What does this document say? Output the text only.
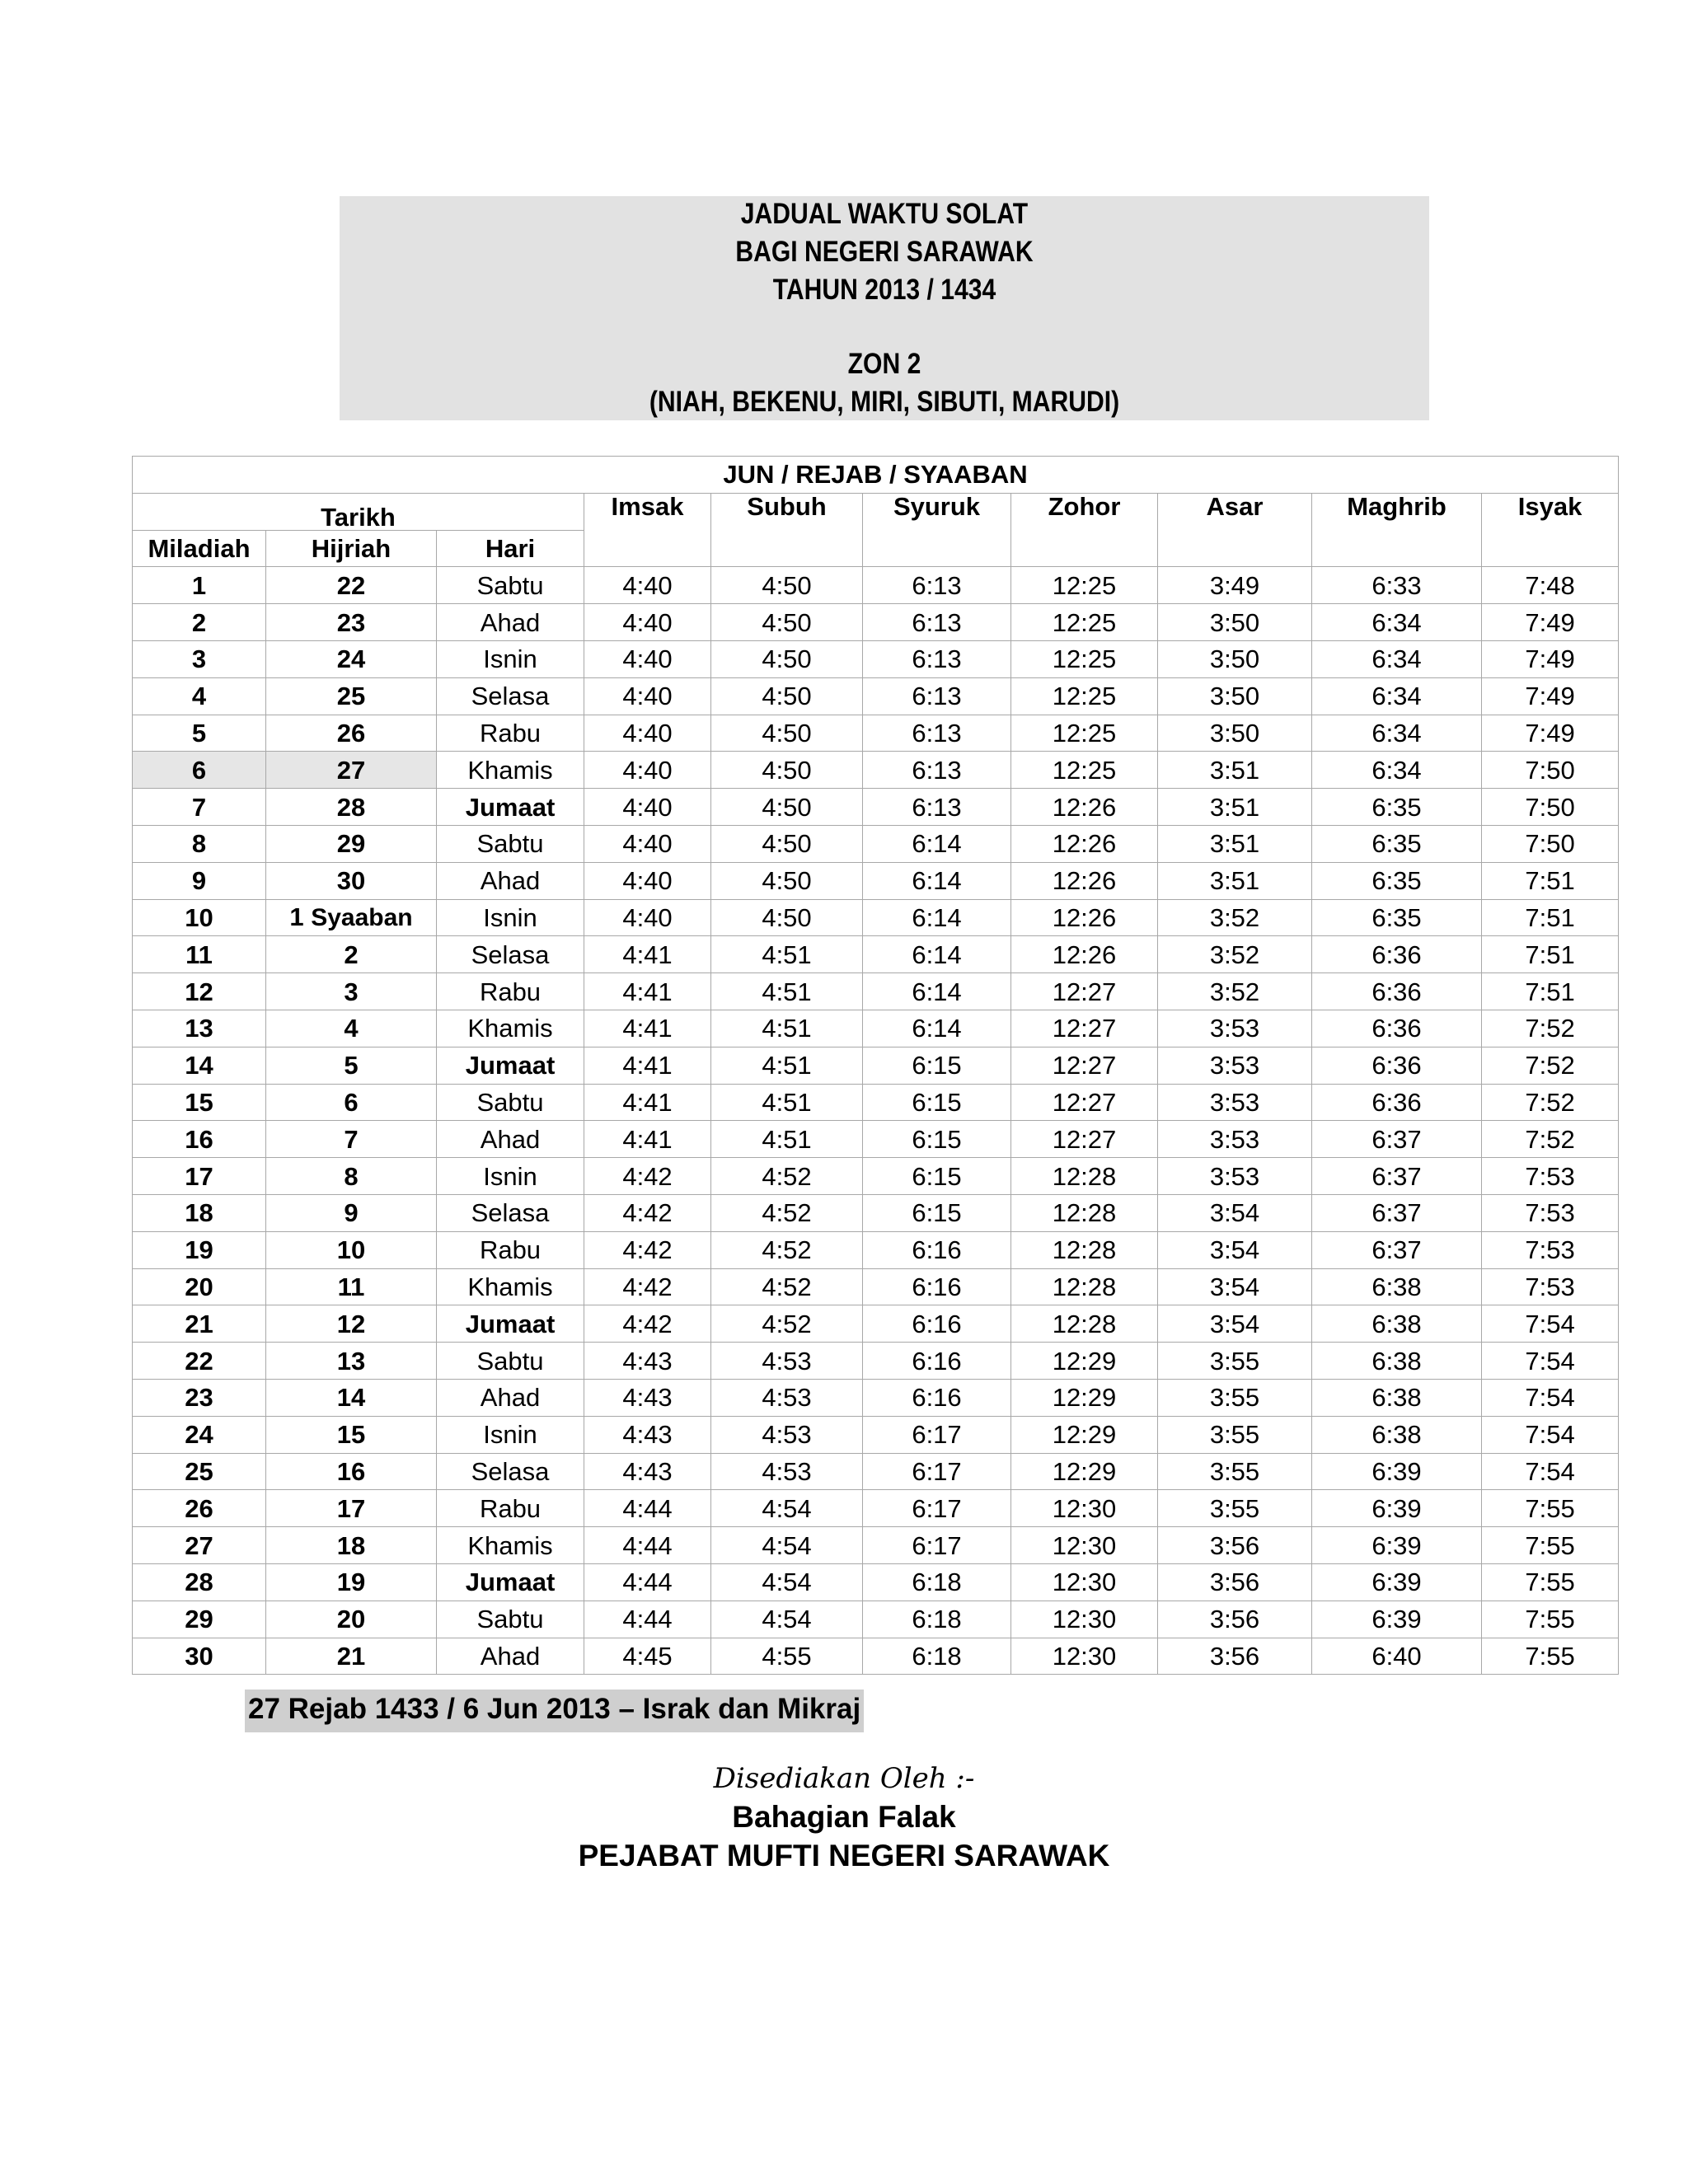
JADUAL WAKTU SOLAT
BAGI NEGERI SARAWAK
TAHUN 2013 / 1434
ZON 2
(NIAH, BEKENU, MIRI, SIBUTI, MARUDI)
JUN / REJAB / SYAABAN									
Tarikh			Imsak	Subuh	Syuruk	Zohor	Asar	Maghrib	Isyak
Miladiah	Hijriah	Hari							
1	22	Sabtu	4:40	4:50	6:13	12:25	3:49	6:33	7:48
2	23	Ahad	4:40	4:50	6:13	12:25	3:50	6:34	7:49
3	24	Isnin	4:40	4:50	6:13	12:25	3:50	6:34	7:49
4	25	Selasa	4:40	4:50	6:13	12:25	3:50	6:34	7:49
5	26	Rabu	4:40	4:50	6:13	12:25	3:50	6:34	7:49
6	27	Khamis	4:40	4:50	6:13	12:25	3:51	6:34	7:50
7	28	Jumaat	4:40	4:50	6:13	12:26	3:51	6:35	7:50
8	29	Sabtu	4:40	4:50	6:14	12:26	3:51	6:35	7:50
9	30	Ahad	4:40	4:50	6:14	12:26	3:51	6:35	7:51
10	1 Syaaban	Isnin	4:40	4:50	6:14	12:26	3:52	6:35	7:51
11	2	Selasa	4:41	4:51	6:14	12:26	3:52	6:36	7:51
12	3	Rabu	4:41	4:51	6:14	12:27	3:52	6:36	7:51
13	4	Khamis	4:41	4:51	6:14	12:27	3:53	6:36	7:52
14	5	Jumaat	4:41	4:51	6:15	12:27	3:53	6:36	7:52
15	6	Sabtu	4:41	4:51	6:15	12:27	3:53	6:36	7:52
16	7	Ahad	4:41	4:51	6:15	12:27	3:53	6:37	7:52
17	8	Isnin	4:42	4:52	6:15	12:28	3:53	6:37	7:53
18	9	Selasa	4:42	4:52	6:15	12:28	3:54	6:37	7:53
19	10	Rabu	4:42	4:52	6:16	12:28	3:54	6:37	7:53
20	11	Khamis	4:42	4:52	6:16	12:28	3:54	6:38	7:53
21	12	Jumaat	4:42	4:52	6:16	12:28	3:54	6:38	7:54
22	13	Sabtu	4:43	4:53	6:16	12:29	3:55	6:38	7:54
23	14	Ahad	4:43	4:53	6:16	12:29	3:55	6:38	7:54
24	15	Isnin	4:43	4:53	6:17	12:29	3:55	6:38	7:54
25	16	Selasa	4:43	4:53	6:17	12:29	3:55	6:39	7:54
26	17	Rabu	4:44	4:54	6:17	12:30	3:55	6:39	7:55
27	18	Khamis	4:44	4:54	6:17	12:30	3:56	6:39	7:55
28	19	Jumaat	4:44	4:54	6:18	12:30	3:56	6:39	7:55
29	20	Sabtu	4:44	4:54	6:18	12:30	3:56	6:39	7:55
30	21	Ahad	4:45	4:55	6:18	12:30	3:56	6:40	7:55
27 Rejab 1433 / 6 Jun 2013 – Israk dan Mikraj
Disediakan Oleh :-
Bahagian Falak
PEJABAT MUFTI NEGERI SARAWAK
